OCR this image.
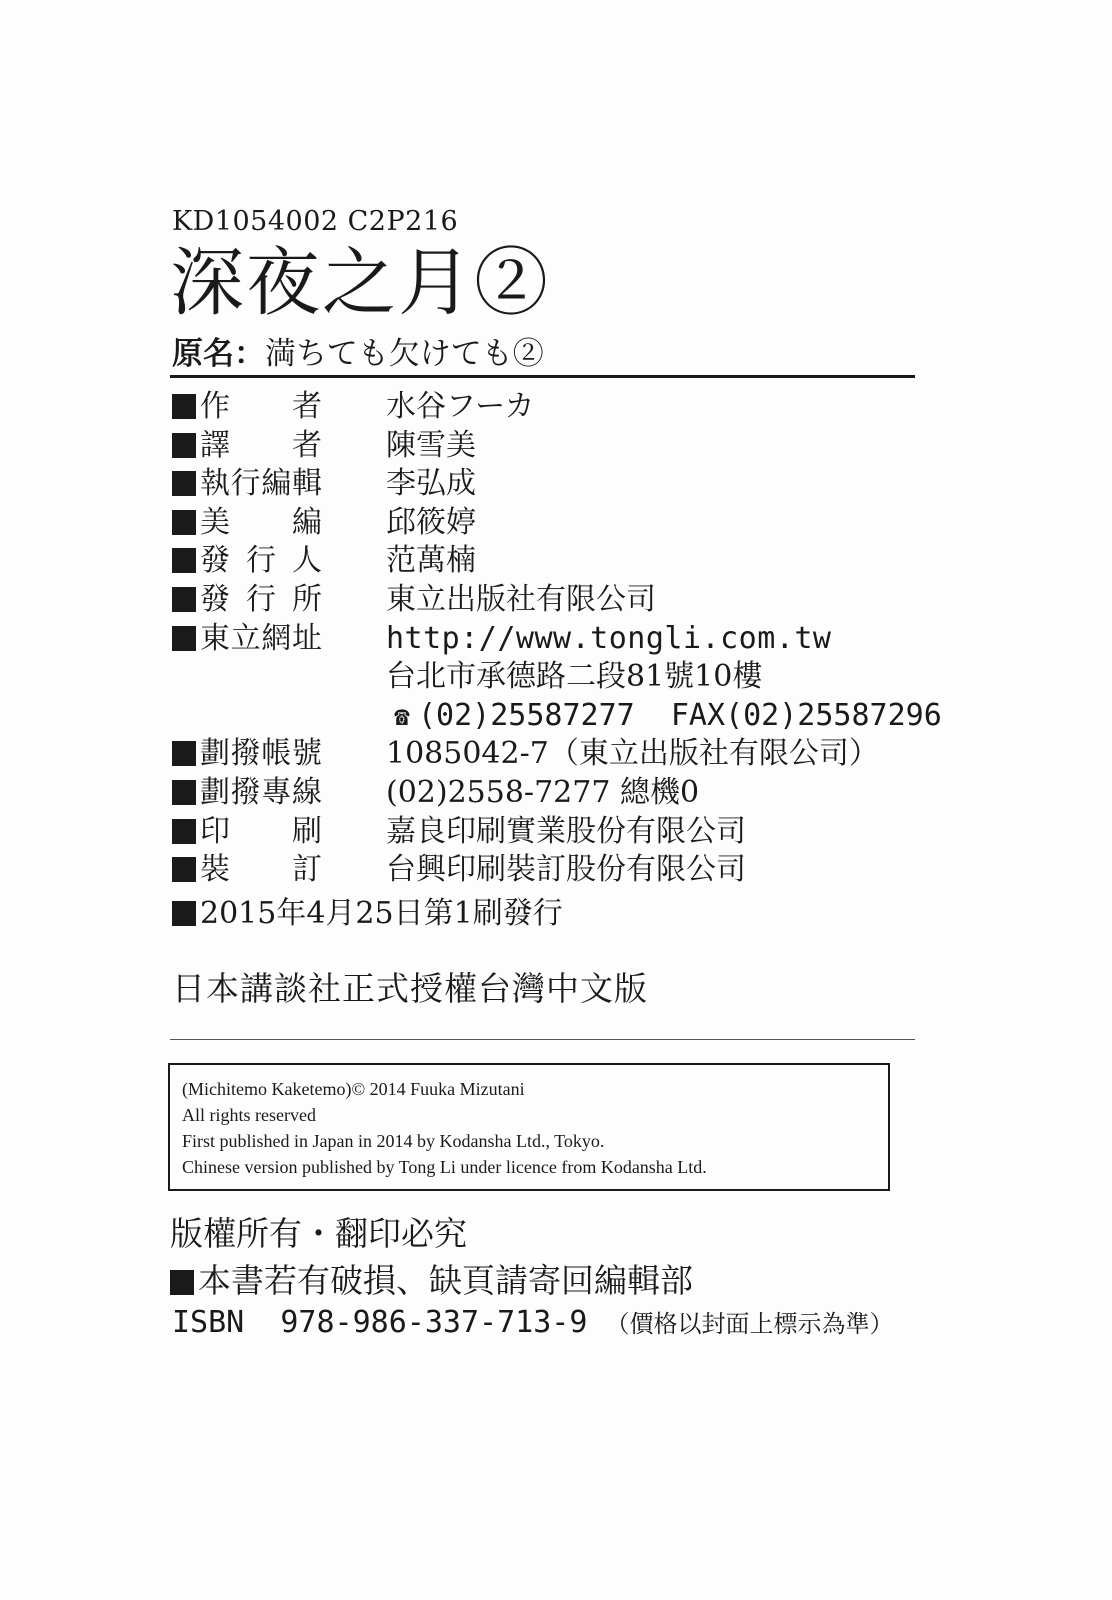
KD1054002 C2P216
深夜之月②
原名：満ちても欠けても②
作　者 水谷フーカ
譯　者 陳雪美
執行編輯 李弘成
美　編 邱筱婷
發行人 范萬楠
發行所 東立出版社有限公司
東立網址 http://www.tongli.com.tw
台北市承德路二段81號10樓
☎ (02)25587277 FAX(02)25587296
劃撥帳號 1085042-7（東立出版社有限公司）
劃撥專線 (02)2558-7277 總機0
印　刷 嘉良印刷實業股份有限公司
裝　訂 台興印刷裝訂股份有限公司
2015年4月25日第1刷發行
日本講談社正式授權台灣中文版
(Michitemo Kaketemo)© 2014 Fuuka Mizutani
All rights reserved
First published in Japan in 2014 by Kodansha Ltd., Tokyo.
Chinese version published by Tong Li under licence from Kodansha Ltd.
版權所有・翻印必究
本書若有破損、缺頁請寄回編輯部
ISBN 978-986-337-713-9 （價格以封面上標示為準）
